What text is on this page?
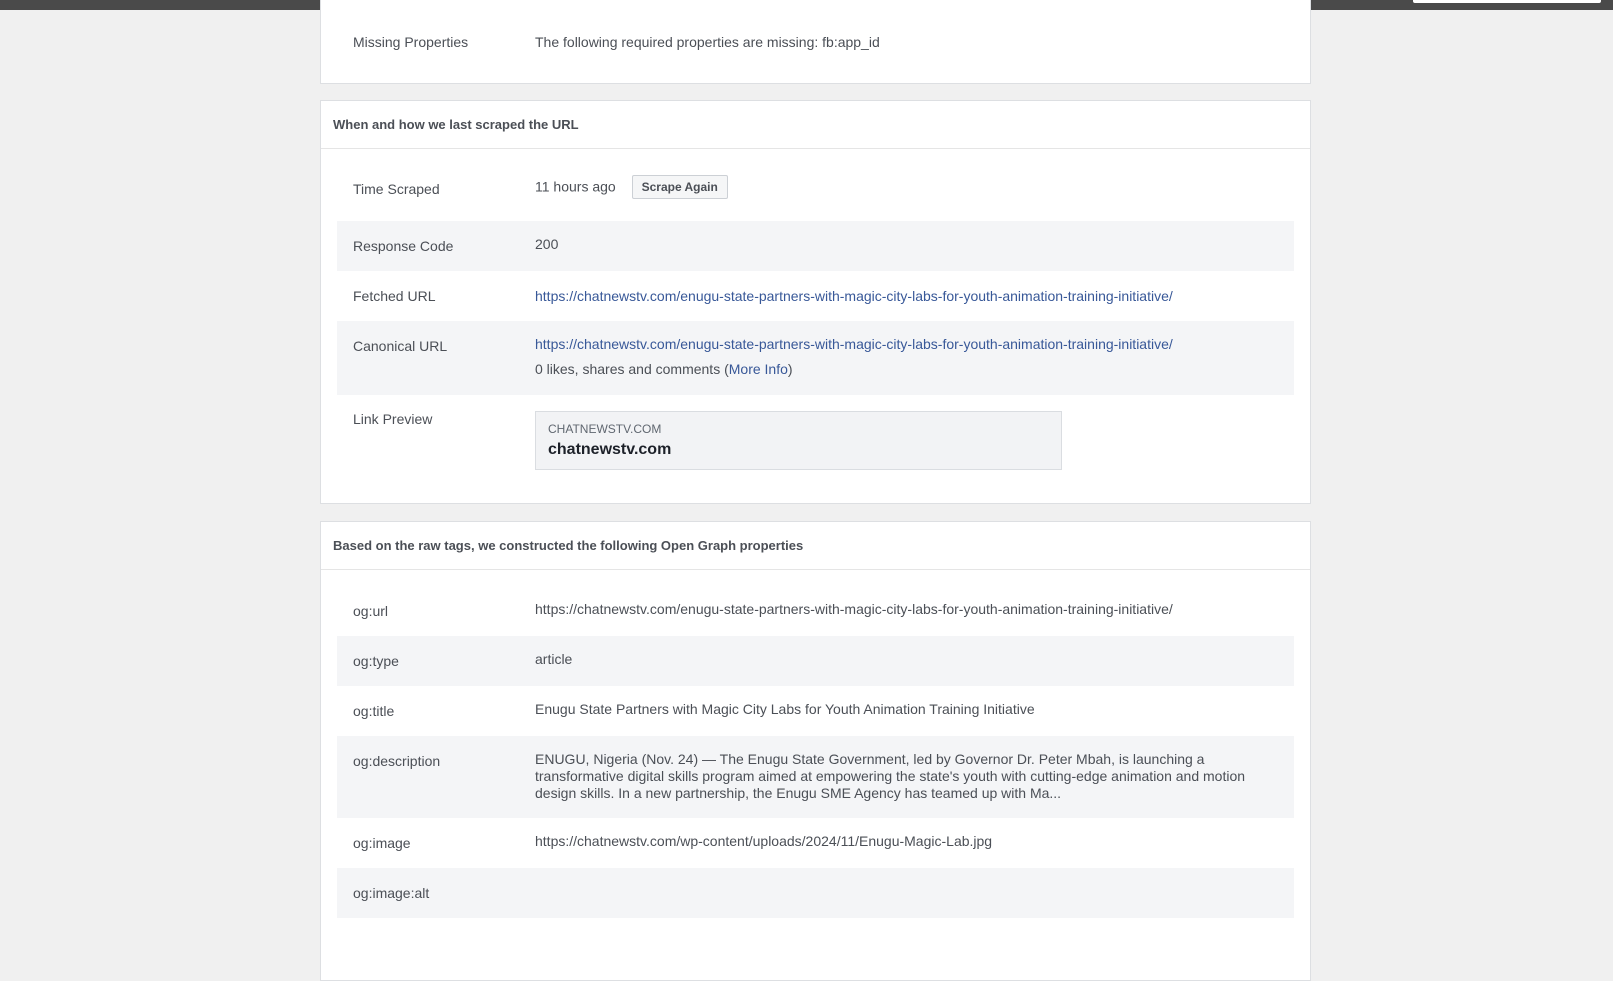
Missing Properties	The following required properties are missing: fb:app_id
When and how we last scraped the URL
Time Scraped	11 hours ago Scrape Again
Response Code	200
Fetched URL	https://chatnewstv.com/enugu-state-partners-with-magic-city-labs-for-youth-animation-training-initiative/
Canonical URL	https://chatnewstv.com/enugu-state-partners-with-magic-city-labs-for-youth-animation-training-initiative/
0 likes, shares and comments (More Info)
Link Preview
CHATNEWSTV.COM
chatnewstv.com
Based on the raw tags, we constructed the following Open Graph properties
og:url	https://chatnewstv.com/enugu-state-partners-with-magic-city-labs-for-youth-animation-training-initiative/
og:type	article
og:title	Enugu State Partners with Magic City Labs for Youth Animation Training Initiative
og:description	ENUGU, Nigeria (Nov. 24) — The Enugu State Government, led by Governor Dr. Peter Mbah, is launching a transformative digital skills program aimed at empowering the state's youth with cutting-edge animation and motion design skills. In a new partnership, the Enugu SME Agency has teamed up with Ma...
og:image	https://chatnewstv.com/wp-content/uploads/2024/11/Enugu-Magic-Lab.jpg
og:image:alt
